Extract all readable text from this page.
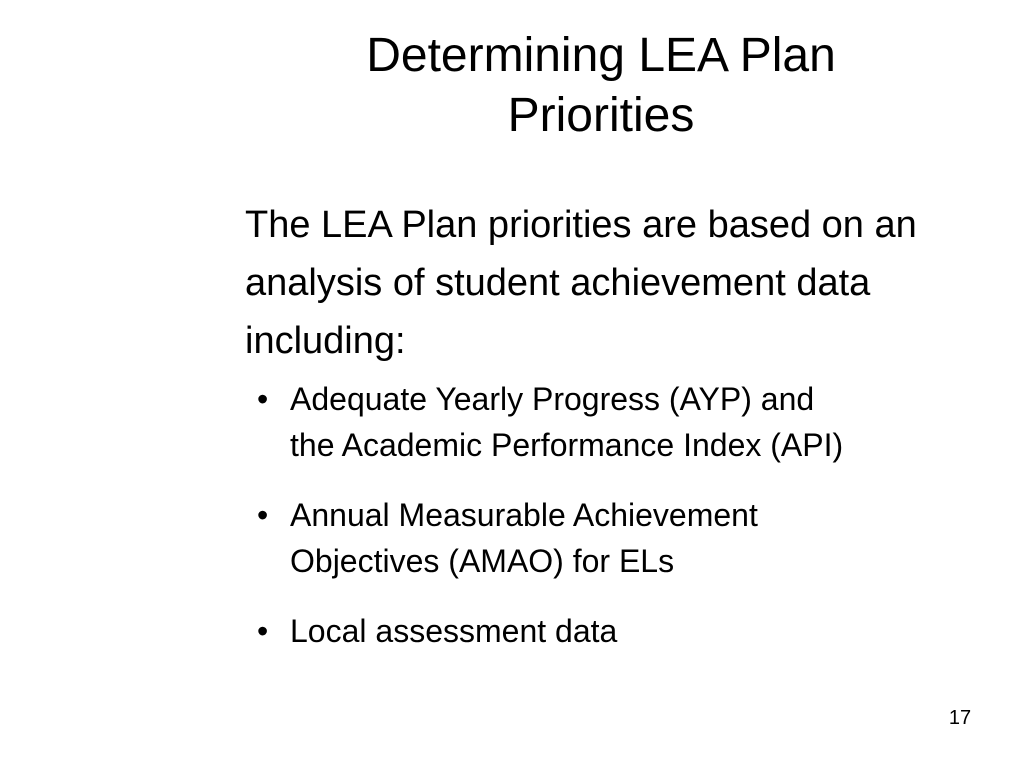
Determining LEA Plan
Priorities

The LEA Plan priorities are based on an analysis of student achievement data including:

• Adequate Yearly Progress (AYP) and
the Academic Performance Index (API)
• Annual Measurable Achievement
Objectives (AMAO) for ELs
• Local assessment data
17
